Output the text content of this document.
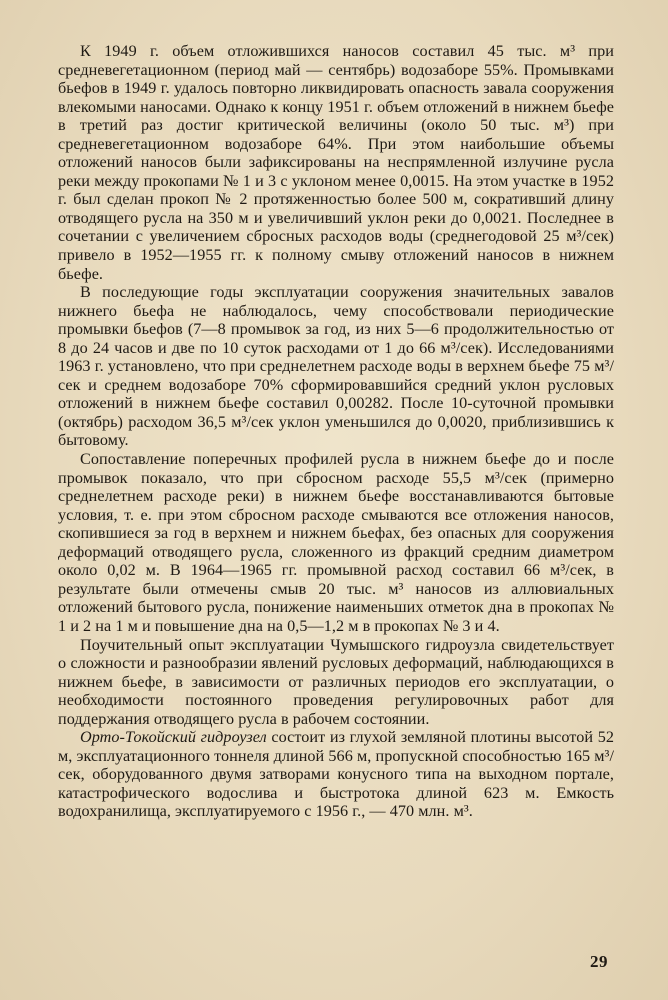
К 1949 г. объем отложившихся наносов составил 45 тыс. м³ при средневегетационном (период май — сентябрь) водозаборе 55%. Промывками бьефов в 1949 г. удалось повторно ликвидировать опасность завала сооружения влекомыми наносами. Однако к концу 1951 г. объем отложений в нижнем бьефе в третий раз достиг критической величины (около 50 тыс. м³) при средневегетационном водозаборе 64%. При этом наибольшие объемы отложений наносов были зафиксированы на неспрямленной излучине русла реки между прокопами № 1 и 3 с уклоном менее 0,0015. На этом участке в 1952 г. был сделан прокоп № 2 протяженностью более 500 м, сокративший длину отводящего русла на 350 м и увеличивший уклон реки до 0,0021. Последнее в сочетании с увеличением сбросных расходов воды (среднегодовой 25 м³/сек) привело в 1952—1955 гг. к полному смыву отложений наносов в нижнем бьефе.

В последующие годы эксплуатации сооружения значительных завалов нижнего бьефа не наблюдалось, чему способствовали периодические промывки бьефов (7—8 промывок за год, из них 5—6 продолжительностью от 8 до 24 часов и две по 10 суток расходами от 1 до 66 м³/сек). Исследованиями 1963 г. установлено, что при среднелетнем расходе воды в верхнем бьефе 75 м³/сек и среднем водозаборе 70% сформировавшийся средний уклон русловых отложений в нижнем бьефе составил 0,00282. После 10-суточной промывки (октябрь) расходом 36,5 м³/сек уклон уменьшился до 0,0020, приблизившись к бытовому.

Сопоставление поперечных профилей русла в нижнем бьефе до и после промывок показало, что при сбросном расходе 55,5 м³/сек (примерно среднелетнем расходе реки) в нижнем бьефе восстанавливаются бытовые условия, т. е. при этом сбросном расходе смываются все отложения наносов, скопившиеся за год в верхнем и нижнем бьефах, без опасных для сооружения деформаций отводящего русла, сложенного из фракций средним диаметром около 0,02 м. В 1964—1965 гг. промывной расход составил 66 м³/сек, в результате были отмечены смыв 20 тыс. м³ наносов из аллювиальных отложений бытового русла, понижение наименьших отметок дна в прокопах № 1 и 2 на 1 м и повышение дна на 0,5—1,2 м в прокопах № 3 и 4.

Поучительный опыт эксплуатации Чумышского гидроузла свидетельствует о сложности и разнообразии явлений русловых деформаций, наблюдающихся в нижнем бьефе, в зависимости от различных периодов его эксплуатации, о необходимости постоянного проведения регулировочных работ для поддержания отводящего русла в рабочем состоянии.

Орто-Токойский гидроузел состоит из глухой земляной плотины высотой 52 м, эксплуатационного тоннеля длиной 566 м, пропускной способностью 165 м³/сек, оборудованного двумя затворами конусного типа на выходном портале, катастрофического водослива и быстротока длиной 623 м. Емкость водохранилища, эксплуатируемого с 1956 г., — 470 млн. м³.

29
